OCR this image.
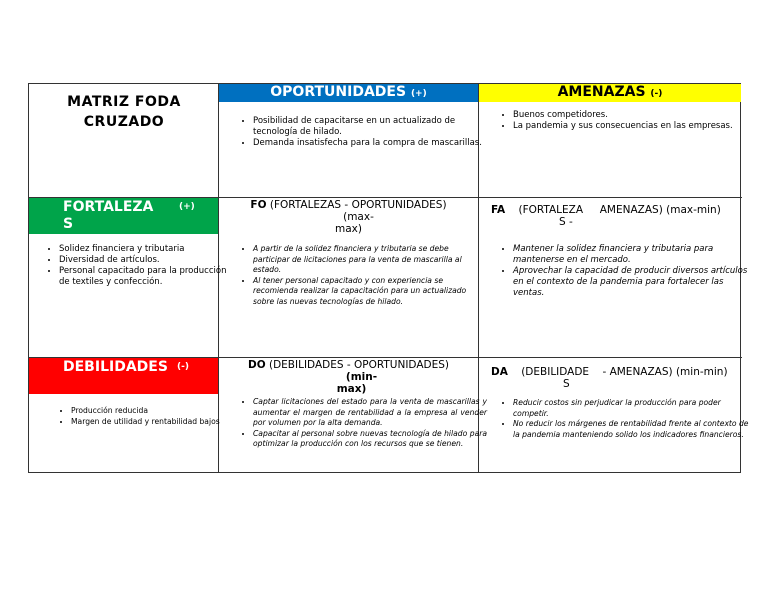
MATRIZ FODA
CRUZADO
OPORTUNIDADES (+)
• Posibilidad de capacitarse en un actualizado de tecnología de hilado.
• Demanda insatisfecha para la compra de mascarillas.
AMENAZAS (-)
• Buenos competidores.
• La pandemia y sus consecuencias en las empresas.
FORTALEZA	(+)
S
• Solidez financiera y tributaria
• Diversidad de artículos.
• Personal capacitado para la producción de textiles y confección.
FO (FORTALEZAS - OPORTUNIDADES)
(max-
max)
• A partir de la solidez financiera y tributaria se debe participar de licitaciones para la venta de mascarilla al estado.
• Al tener personal capacitado y con experiencia se recomienda realizar la capacitación para un actualizado sobre las nuevas tecnologías de hilado.
FA (FORTALEZA AMENAZAS) (max-min)
S -
• Mantener la solidez financiera y tributaria para mantenerse en el mercado.
• Aprovechar la capacidad de producir diversos artículos en el contexto de la pandemia para fortalecer las ventas.
DEBILIDADES (-)
• Producción reducida
• Margen de utilidad y rentabilidad bajos
DO (DEBILIDADES - OPORTUNIDADES)
(min-
max)
• Captar licitaciones del estado para la venta de mascarillas y aumentar el margen de rentabilidad a la empresa al vender por volumen por la alta demanda.
• Capacitar al personal sobre nuevas tecnología de hilado para optimizar la producción con los recursos que se tienen.
DA (DEBILIDADE - AMENAZAS) (min-min)
S
• Reducir costos sin perjudicar la producción para poder competir.
• No reducir los márgenes de rentabilidad frente al contexto de la pandemia manteniendo solido los indicadores financieros.
